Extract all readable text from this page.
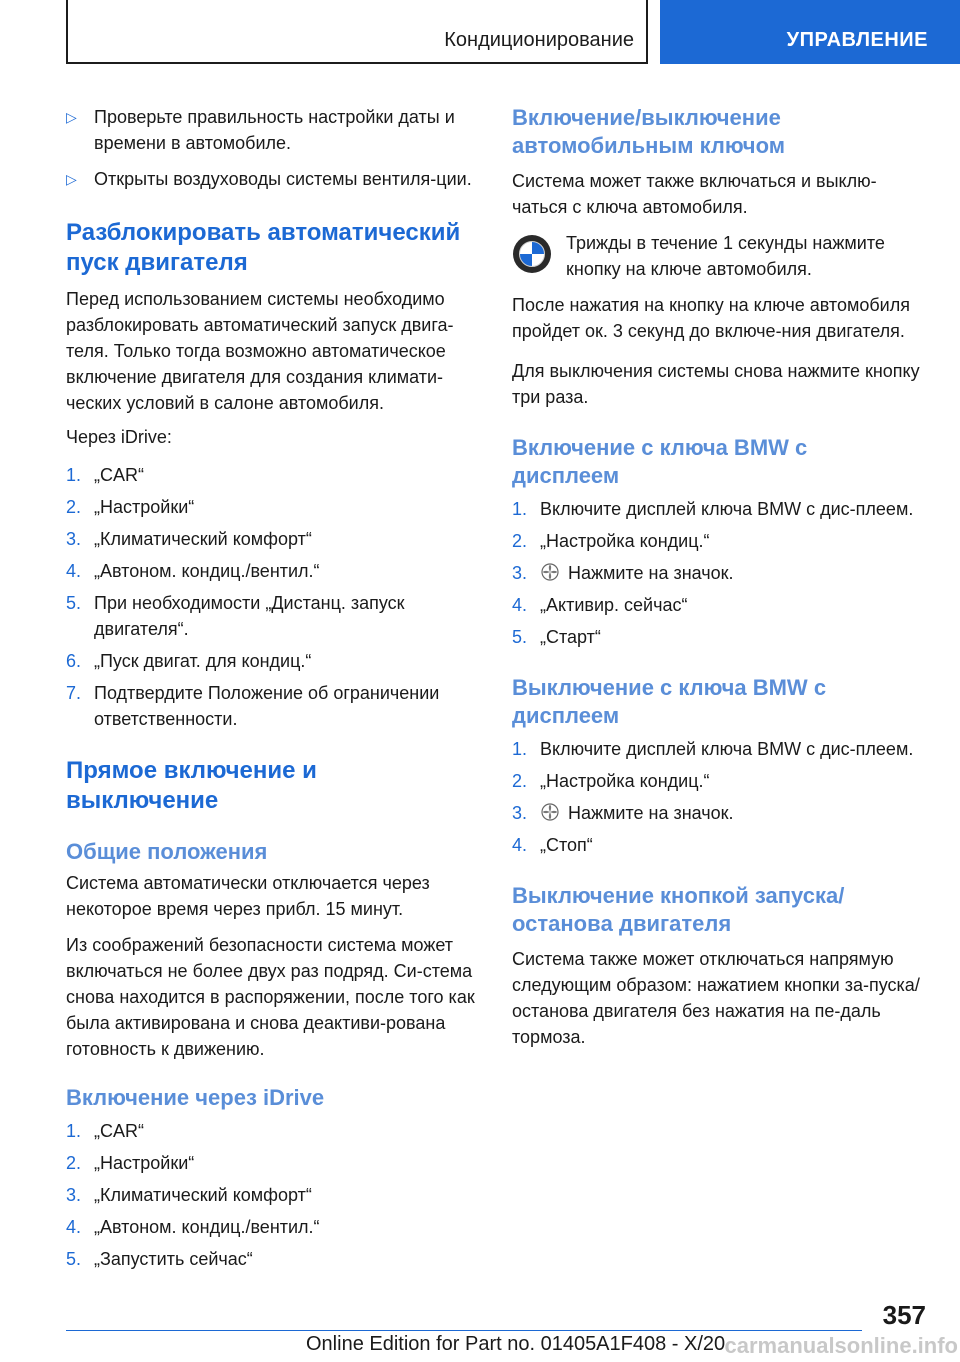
Кондиционирование	УПРАВЛЕНИЕ
▷ Проверьте правильность настройки даты и времени в автомобиле.
▷ Открыты воздуховоды системы вентиля-ции.
Разблокировать автоматический пуск двигателя

Перед использованием системы необходимо разблокировать автоматический запуск двига-теля. Только тогда возможно автоматическое включение двигателя для создания климати-ческих условий в салоне автомобиля.

Через iDrive:

1. „CAR“
2. „Настройки“
3. „Климатический комфорт“
4. „Автоном. кондиц./вентил.“
5. При необходимости „Дистанц. запуск двигателя“.
6. „Пуск двигат. для кондиц.“
7. Подтвердите Положение об ограничении ответственности.
Прямое включение и выключение
Общие положения

Система автоматически отключается через некоторое время через прибл. 15 минут.

Из соображений безопасности система может включаться не более двух раз подряд. Си-стема снова находится в распоряжении, после того как была активирована и снова деактиви-рована готовность к движению.

Включение через iDrive
1. „CAR“
2. „Настройки“
3. „Климатический комфорт“
4. „Автоном. кондиц./вентил.“
5. „Запустить сейчас“
Включение/выключение автомобильным ключом

Система может также включаться и выклю-чаться с ключа автомобиля.

Трижды в течение 1 секунды нажмите кнопку на ключе автомобиля.

После нажатия на кнопку на ключе автомобиля пройдет ок. 3 секунд до включе-ния двигателя.

Для выключения системы снова нажмите кнопку три раза.

Включение с ключа BMW с дисплеем
1. Включите дисплей ключа BMW с дис-плеем.
2. „Настройка кондиц.“
3. Нажмите на значок.
4. „Активир. сейчас“
5. „Старт“
Выключение с ключа BMW с дисплеем
1. Включите дисплей ключа BMW с дис-плеем.
2. „Настройка кондиц.“
3. Нажмите на значок.
4. „Стоп“
Выключение кнопкой запуска/остановa двигателя

Система также может отключаться напрямую следующим образом: нажатием кнопки за-пуска/останова двигателя без нажатия на пе-даль тормоза.

357
Online Edition for Part no. 01405A1F408 - X/20 carmanualsonline.info
